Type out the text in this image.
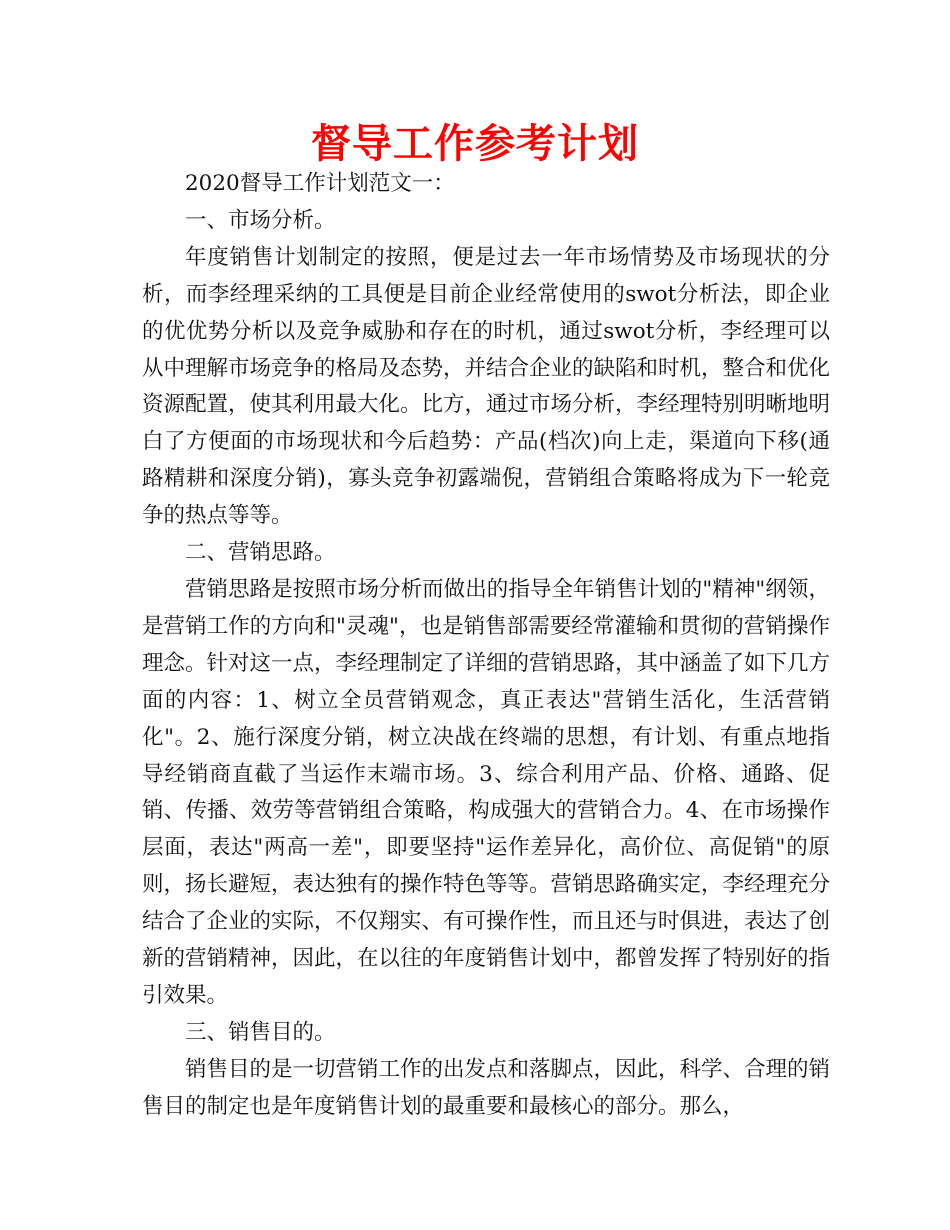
督导工作参考计划

2020督导工作计划范文一：

一、市场分析。

年度销售计划制定的按照，便是过去一年市场情势及市场现状的分析，而李经理采纳的工具便是目前企业经常使用的swot分析法，即企业的优优势分析以及竞争威胁和存在的时机，通过swot分析，李经理可以从中理解市场竞争的格局及态势，并结合企业的缺陷和时机，整合和优化资源配置，使其利用最大化。比方，通过市场分析，李经理特别明晰地明白了方便面的市场现状和今后趋势：产品(档次)向上走，渠道向下移(通路精耕和深度分销)，寡头竞争初露端倪，营销组合策略将成为下一轮竞争的热点等等。

二、营销思路。

营销思路是按照市场分析而做出的指导全年销售计划的"精神"纲领，是营销工作的方向和"灵魂"，也是销售部需要经常灌输和贯彻的营销操作理念。针对这一点，李经理制定了详细的营销思路，其中涵盖了如下几方面的内容：1、树立全员营销观念，真正表达"营销生活化，生活营销化"。2、施行深度分销，树立决战在终端的思想，有计划、有重点地指导经销商直截了当运作末端市场。3、综合利用产品、价格、通路、促销、传播、效劳等营销组合策略，构成强大的营销合力。4、在市场操作层面，表达"两高一差"，即要坚持"运作差异化，高价位、高促销"的原则，扬长避短，表达独有的操作特色等等。营销思路确实定，李经理充分结合了企业的实际，不仅翔实、有可操作性，而且还与时俱进，表达了创新的营销精神，因此，在以往的年度销售计划中，都曾发挥了特别好的指引效果。

三、销售目的。

销售目的是一切营销工作的出发点和落脚点，因此，科学、合理的销售目的制定也是年度销售计划的最重要和最核心的部分。那么，
